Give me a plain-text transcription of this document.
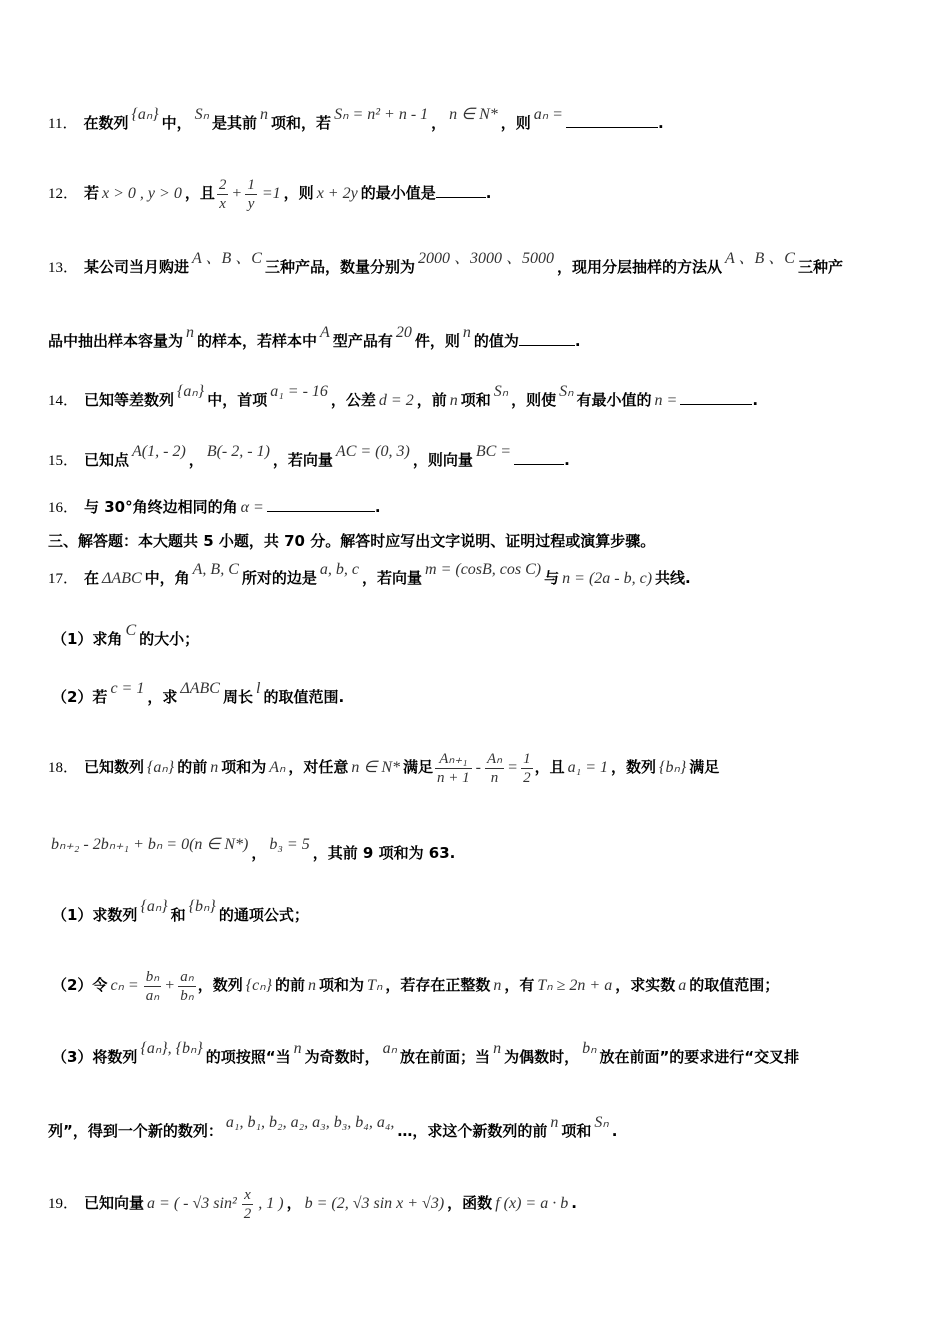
11． 在数列 {aₙ} 中， Sₙ 是其前 n 项和，若 Sₙ = n² + n - 1 ， n ∈ N* ，则 aₙ =	.
12． 若 x > 0 , y > 0 ，且 $\frac{2}{x} + \frac{1}{y} =1$ ，则 x + 2y 的最小值是	.
13． 某公司当月购进 A 、B 、C 三种产品，数量分别为 2000 、3000 、5000 ，现用分层抽样的方法从 A 、B 、C 三种产
品中抽出样本容量为 n 的样本，若样本中 A 型产品有 20 件，则 n 的值为	.
14． 已知等差数列 {aₙ} 中，首项 a₁ = - 16 ，公差 d = 2 ，前 n 项和 Sₙ ，则使 Sₙ 有最小值的 n =	.
15． 已知点 A(1, - 2) ， B(- 2, - 1) ，若向量 AC = (0, 3) ，则向量 BC =	.
16． 与 30°角终边相同的角 α =	.
三、解答题：本大题共 5 小题，共 70 分。解答时应写出文字说明、证明过程或演算步骤。
17． 在 ΔABC 中，角 A, B, C 所对的边是 a, b, c ，若向量 m = (cosB, cos C) 与 n = (2a - b, c) 共线.
（1）求角 C 的大小；
（2）若 c = 1 ，求 ΔABC 周长 l 的取值范围.
18． 已知数列 {aₙ} 的前 n 项和为 Aₙ ，对任意 n ∈ N* 满足 $\frac{\text{Aₙ₊₁}}{n + 1} - \frac{\text{Aₙ}}{n} = \frac{1}{2}$ ，且 a₁ = 1 ，数列 {bₙ} 满足
bₙ₊₂ - 2bₙ₊₁ + bₙ = 0(n ∈ N*) ， b₃ = 5 ，其前 9 项和为 63.
（1）求数列 {aₙ} 和 {bₙ} 的通项公式；
（2）令 $c_n = \frac{\text{bₙ}}{\text{aₙ}} + \frac{\text{aₙ}}{\text{bₙ}}$ ，数列 {cₙ} 的前 n 项和为 Tₙ ，若存在正整数 n ，有 Tₙ ≥ 2n + a ，求实数 a 的取值范围；
（3）将数列 {aₙ}, {bₙ} 的项按照“当 n 为奇数时， aₙ 放在前面；当 n 为偶数时， bₙ 放在前面”的要求进行“交叉排
列”，得到一个新的数列： a₁, b₁, b₂, a₂, a₃, b₃, b₄, a₄, …，求这个新数列的前 n 项和 Sₙ .
19． 已知向量 a = ( - √3 $\sin^2 \frac{x}{2}$ , 1 ) ， b = (2, √3 sin x + √3) ，函数 f (x) = a · b .
